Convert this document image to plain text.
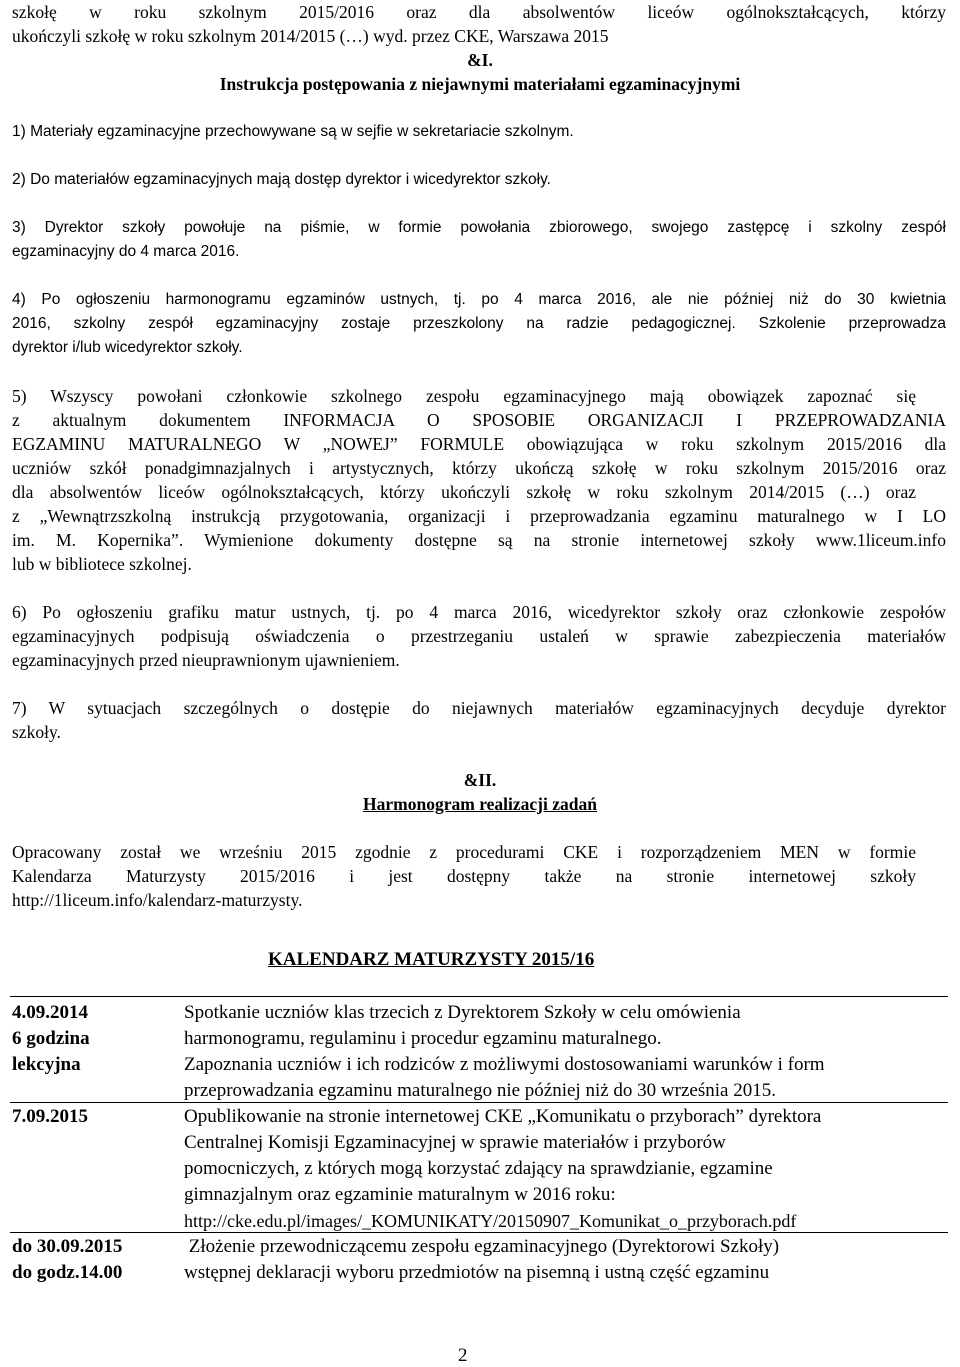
szkołę w roku szkolnym 2015/2016 oraz dla absolwentów liceów ogólnokształcących, którzy
ukończyli szkołę w roku szkolnym 2014/2015 (…) wyd. przez CKE, Warszawa 2015
&I.
Instrukcja postępowania z niejawnymi materiałami egzaminacyjnymi
1) Materiały egzaminacyjne przechowywane są w sejfie w sekretariacie szkolnym.
2) Do materiałów egzaminacyjnych mają dostęp dyrektor i wicedyrektor szkoły.
3) Dyrektor szkoły powołuje na piśmie, w formie powołania zbiorowego, swojego zastępcę i szkolny zespół
egzaminacyjny do 4 marca 2016.
4) Po ogłoszeniu harmonogramu egzaminów ustnych, tj. po 4 marca 2016, ale nie później niż do 30 kwietnia
2016, szkolny zespół egzaminacyjny zostaje przeszkolony na radzie pedagogicznej. Szkolenie przeprowadza
dyrektor i/lub wicedyrektor szkoły.
5) Wszyscy powołani członkowie szkolnego zespołu egzaminacyjnego mają obowiązek zapoznać się
z aktualnym dokumentem INFORMACJA O SPOSOBIE ORGANIZACJI I PRZEPROWADZANIA
EGZAMINU MATURALNEGO W „NOWEJ” FORMULE obowiązująca w roku szkolnym 2015/2016 dla
uczniów szkół ponadgimnazjalnych i artystycznych, którzy ukończą szkołę w roku szkolnym 2015/2016 oraz
dla absolwentów liceów ogólnokształcących, którzy ukończyli szkołę w roku szkolnym 2014/2015 (…) oraz
z „Wewnątrzszkolną instrukcją przygotowania, organizacji i przeprowadzania egzaminu maturalnego w I LO
im. M. Kopernika”. Wymienione dokumenty dostępne są na stronie internetowej szkoły www.1liceum.info
lub w bibliotece szkolnej.
6) Po ogłoszeniu grafiku matur ustnych, tj. po 4 marca 2016, wicedyrektor szkoły oraz członkowie zespołów
egzaminacyjnych podpisują oświadczenia o przestrzeganiu ustaleń w sprawie zabezpieczenia materiałów
egzaminacyjnych przed nieuprawnionym ujawnieniem.
7) W sytuacjach szczególnych o dostępie do niejawnych materiałów egzaminacyjnych decyduje dyrektor
szkoły.
&II.
Harmonogram realizacji zadań
Opracowany został we wrześniu 2015 zgodnie z procedurami CKE i rozporządzeniem MEN w formie
Kalendarza Maturzysty 2015/2016 i jest dostępny także na stronie internetowej szkoły
http://1liceum.info/kalendarz-maturzysty.
KALENDARZ MATURZYSTY 2015/16
4.09.2014
6 godzina
lekcyjna
Spotkanie uczniów klas trzecich z Dyrektorem Szkoły w celu omówienia
harmonogramu, regulaminu i procedur egzaminu maturalnego.
Zapoznania uczniów i ich rodziców z możliwymi dostosowaniami warunków i form
przeprowadzania egzaminu maturalnego nie później niż do 30 września 2015.
7.09.2015	Opublikowanie na stronie internetowej CKE „Komunikatu o przyborach” dyrektora
Centralnej Komisji Egzaminacyjnej w sprawie materiałów i przyborów
pomocniczych, z których mogą korzystać zdający na sprawdzianie, egzamine
gimnazjalnym oraz egzaminie maturalnym w 2016 roku:
http://cke.edu.pl/images/_KOMUNIKATY/20150907_Komunikat_o_przyborach.pdf
do 30.09.2015
do godz.14.00
Złożenie przewodniczącemu zespołu egzaminacyjnego (Dyrektorowi Szkoły)
wstępnej deklaracji wyboru przedmiotów na pisemną i ustną część egzaminu
2
